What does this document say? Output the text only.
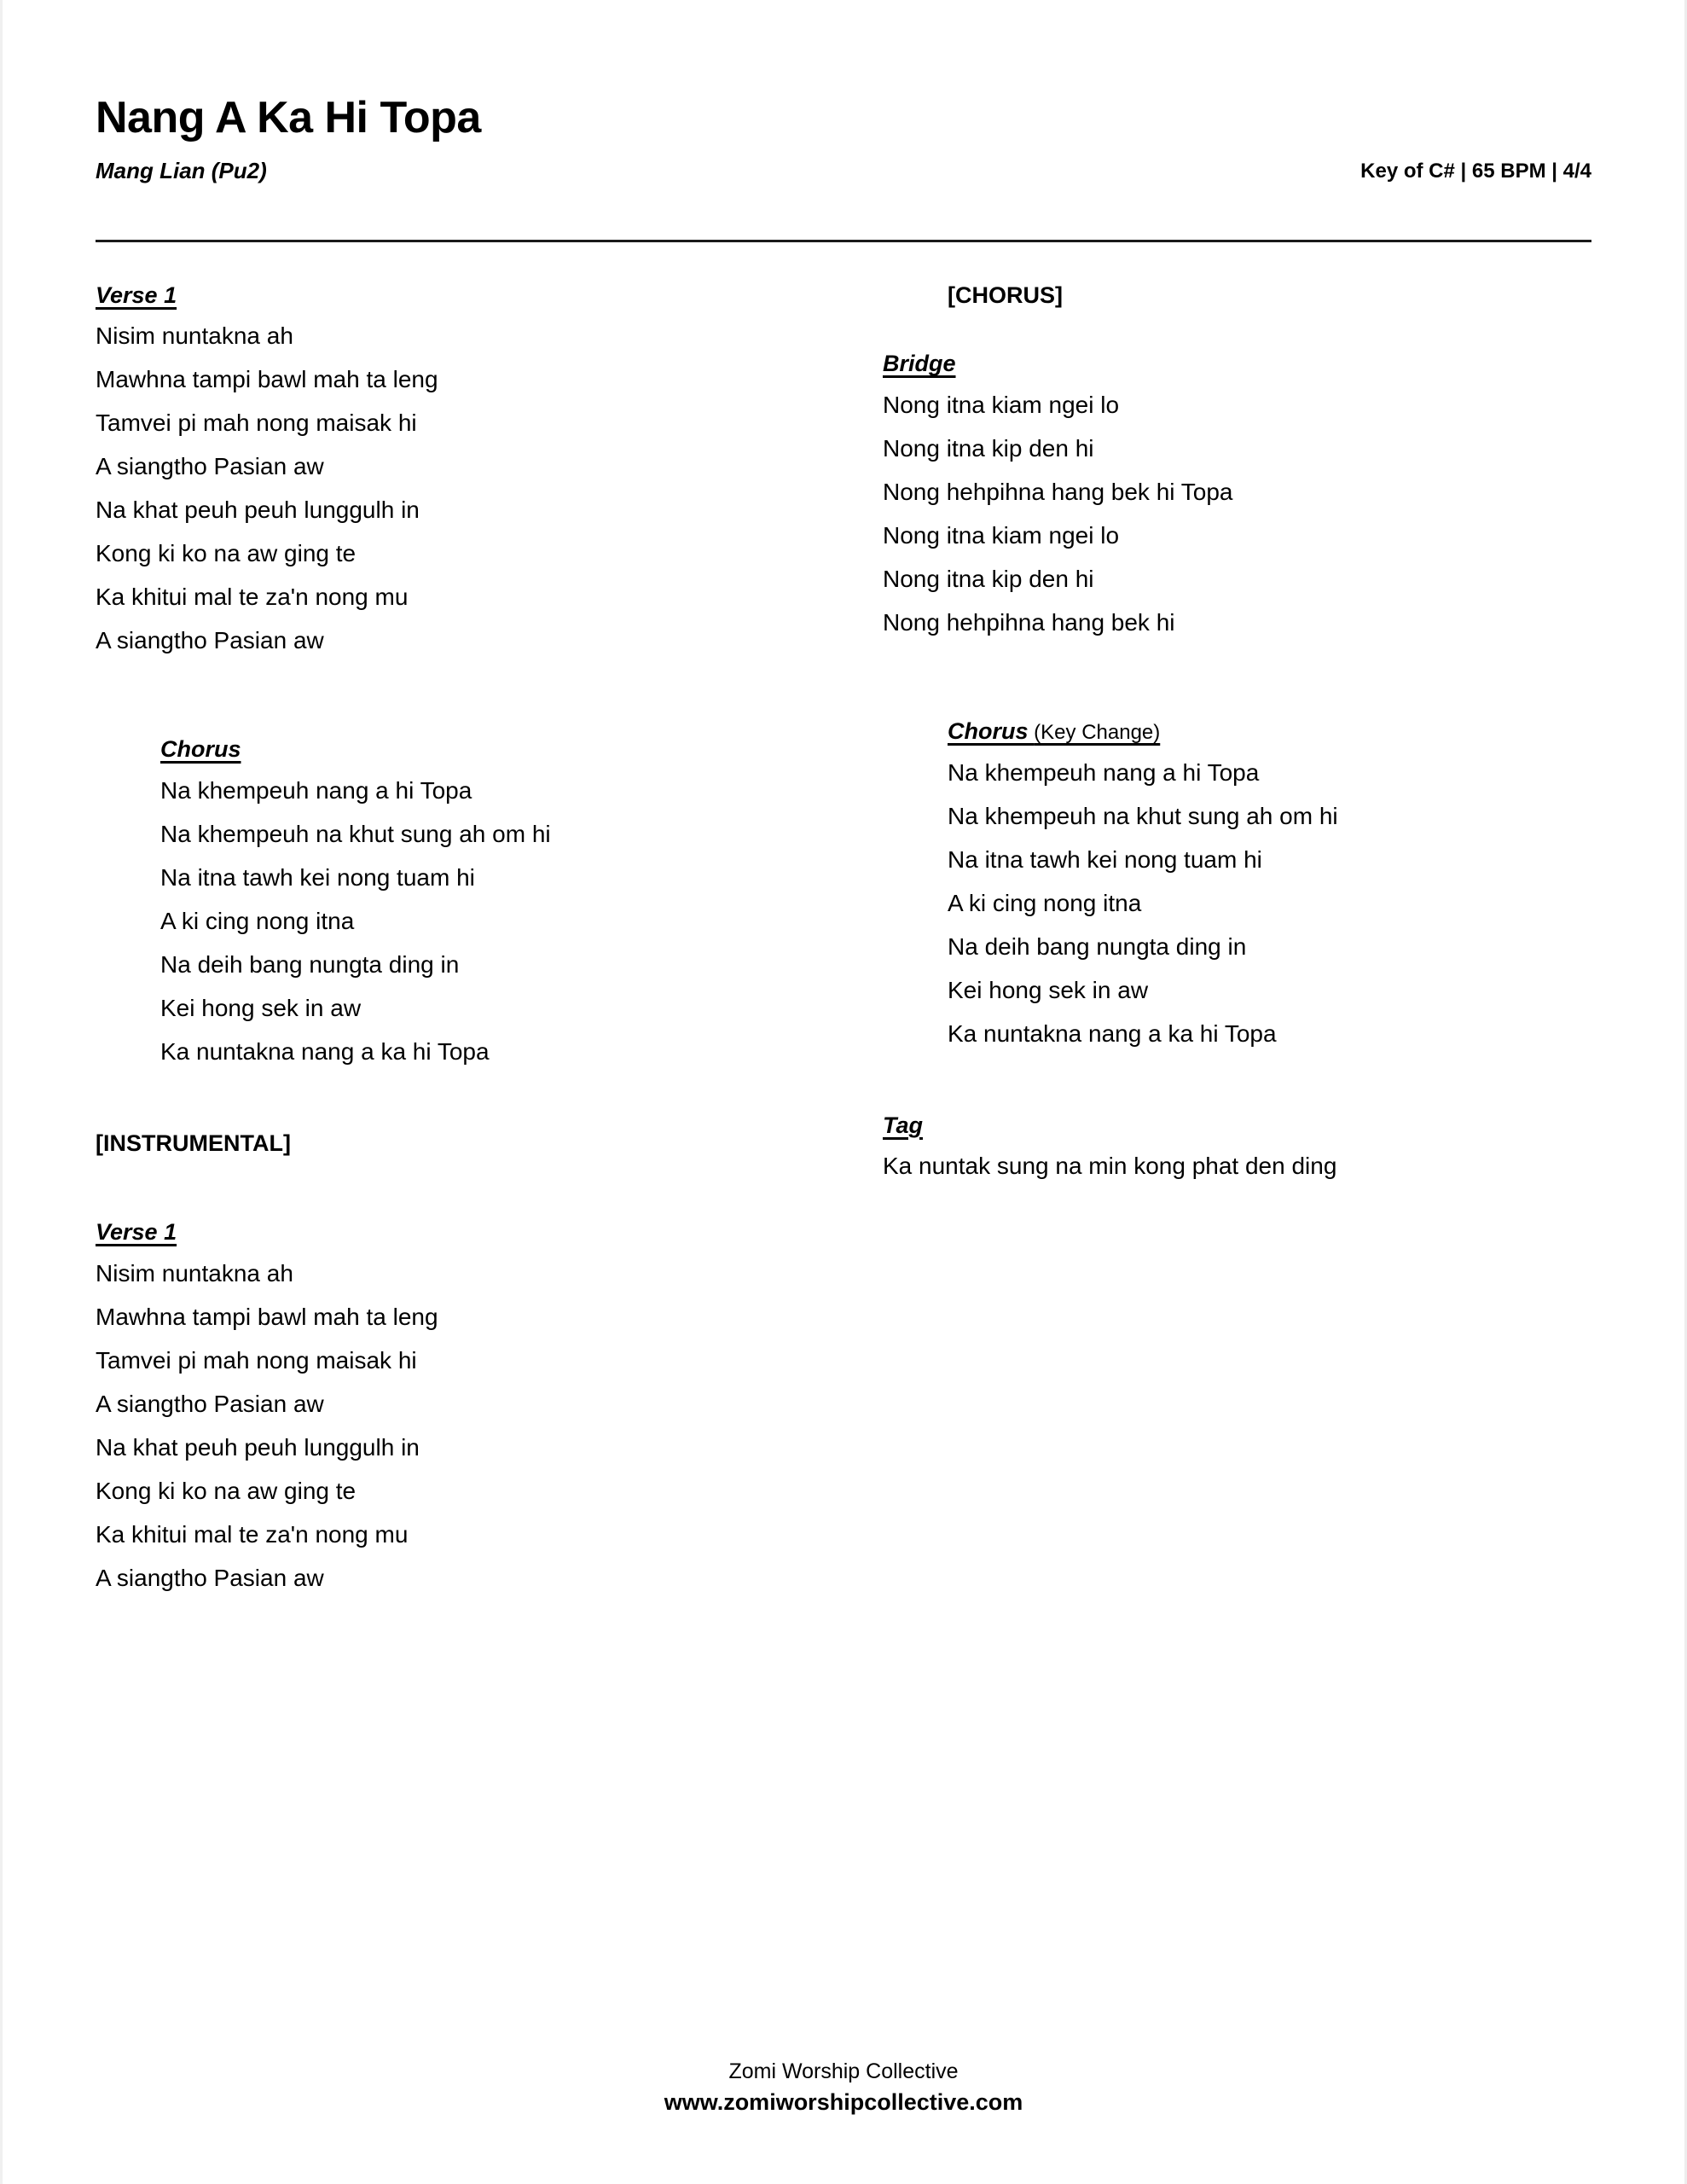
Nang A Ka Hi Topa
Mang Lian (Pu2)	Key of C# | 65 BPM | 4/4
Verse 1

Nisim nuntakna ah

Mawhna tampi bawl mah ta leng

Tamvei pi mah nong maisak hi

A siangtho Pasian aw

Na khat peuh peuh lunggulh in

Kong ki ko na aw ging te

Ka khitui mal te za'n nong mu

A siangtho Pasian aw

Chorus

Na khempeuh nang a hi Topa

Na khempeuh na khut sung ah om hi

Na itna tawh kei nong tuam hi

A ki cing nong itna

Na deih bang nungta ding in

Kei hong sek in aw

Ka nuntakna nang a ka hi Topa

[INSTRUMENTAL]
Verse 1

Nisim nuntakna ah

Mawhna tampi bawl mah ta leng

Tamvei pi mah nong maisak hi

A siangtho Pasian aw

Na khat peuh peuh lunggulh in

Kong ki ko na aw ging te

Ka khitui mal te za'n nong mu

A siangtho Pasian aw

[CHORUS]
Bridge

Nong itna kiam ngei lo

Nong itna kip den hi

Nong hehpihna hang bek hi Topa

Nong itna kiam ngei lo

Nong itna kip den hi

Nong hehpihna hang bek hi

Chorus (Key Change)

Na khempeuh nang a hi Topa

Na khempeuh na khut sung ah om hi

Na itna tawh kei nong tuam hi

A ki cing nong itna

Na deih bang nungta ding in

Kei hong sek in aw

Ka nuntakna nang a ka hi Topa

Tag

Ka nuntak sung na min kong phat den ding

Zomi Worship Collective

www.zomiworshipcollective.com
